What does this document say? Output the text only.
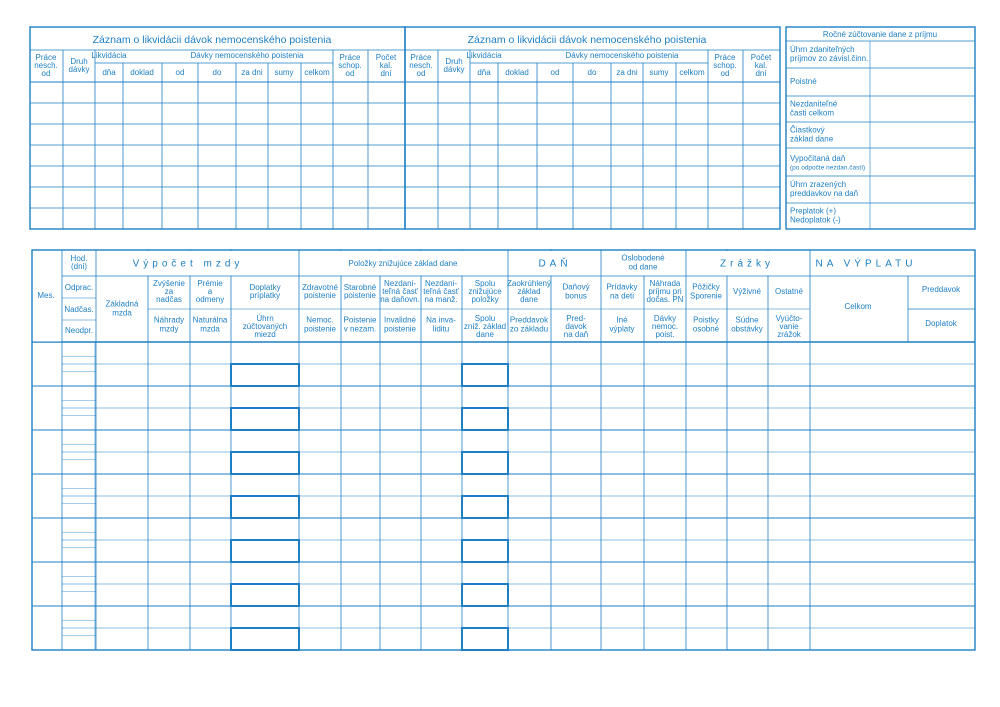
Záznam o likvidácii dávok nemocenského poistenia
Práce
nesch.
od
Druh
dávky
Likvidácia
dňa doklad
Dávky nemocenského poistenia
od	do za dni sumy celkom
Práce
schop.
od
Počet
kal.
dní
Záznam o likvidácii dávok nemocenského poistenia
Práce
nesch.
od
Druh
dávky
Likvidácia
dňa doklad
Dávky nemocenského poistenia
od	do za dni sumy celkom
Práce
schop.
od
Počet
kal.
dní
Ročné zúčtovanie dane z príjmu
Úhrn zdaniteľných
príjmov zo závisl.činn.
Poistné
Nezdaniteľné
časti celkom
Čiastkový
základ dane
Vypočítaná daň
Úhrn zrazených
preddavkov na daň
Preplatok (+)
Nedoplatok (-)
(po odpočte nezdan.častí)
Mes.
Hod.
(dni)
Odprac.
Nadčas.
Neodpr.
Výpočet mzdy
Základná
mzda
Zvýšenie
za
nadčas
Prémie
a
odmeny
Doplatky
príplatky
Náhrady
mzdy
Naturálna
mzda
Úhrn
zúčtovaných
miezd
Položky znižujúce základ dane
Zdravotné
poistenie
Starobné
poistenie
Nezdani-
teľná časť
na daňovn.
Nezdani-
teľná časť
na manž.
Spolu
znižujúce
položky
Nemoc.
poistenie
Poistenie
v nezam.
Invalidné
poistenie
Na inva-
liditu
Spolu
zníž. základ
dane
DAŇ
Zaokrúhlený
základ
dane
Daňový
bonus
Preddavok
zo základu
Pred-
davok
na daň
Oslobodené
od dane
Prídavky
na deti
Náhrada
príjmu pri
dočas. PN
Iné
výplaty
Dávky
nemoc.
poist.
Zrážky
Pôžičky
Sporenie Výživné Ostatné
Poistky
osobné
Súdne
obstávky
Vyúčto-
vanie
zrážok
NA VÝPLATU
Celkom
Preddavok
Doplatok
